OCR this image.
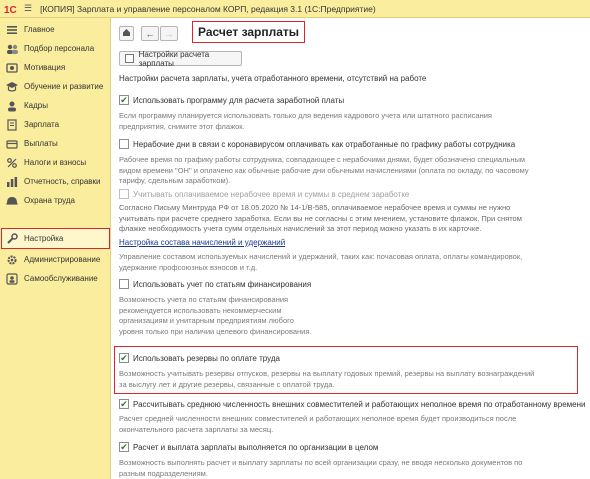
1С ☰ [КОПИЯ] Зарплата и управление персоналом КОРП, редакция 3.1 (1С:Предприятие)
Главное
Подбор персонала
Мотивация
Обучение и развитие
Кадры
Зарплата
Выплаты
Налоги и взносы
Отчетность, справки
Охрана труда
Настройка
Администрирование
Самообслуживание
← →	Расчет зарплаты
Настройки расчета зарплаты
Настройки расчета зарплаты, учета отработанного времени, отсутствий на работе
✔ Использовать программу для расчета заработной платы
Если программу планируется использовать только для ведения кадрового учета или штатного расписания
предприятия, снимите этот флажок.
Нерабочие дни в связи с коронавирусом оплачивать как отработанные по графику работы сотрудника
Рабочее время по графику работы сотрудника, совпадающее с нерабочими днями, будет обозначено специальным
видом времени "ОН" и оплачено как обычные рабочие дни обычными начислениями (оплата по окладу, по часовому
тарифу, сдельным заработком).
Учитывать оплачиваемое нерабочее время и суммы в среднем заработке
Согласно Письму Минтруда РФ от 18.05.2020 № 14-1/В-585, оплачиваемое нерабочее время и суммы не нужно
учитывать при расчете среднего заработка. Если вы не согласны с этим мнением, установите флажок. При снятом
флажке необходимость учета сумм отдельных начислений за этот период можно указать в их карточке.
Настройка состава начислений и удержаний
Управление составом используемых начислений и удержаний, таких как: почасовая оплата, оплаты командировок,
удержание профсоюзных взносов и т.д.
Использовать учет по статьям финансирования
Возможность учета по статьям финансирования
рекомендуется использовать некоммерческим
организациям и унитарным предприятиям любого
уровня только при наличии целевого финансирования.
✔ Использовать резервы по оплате труда
Возможность учитывать резервы отпусков, резервы на выплату годовых премий, резервы на выплату вознаграждений
за выслугу лет и другие резервы, связанные с оплатой труда.
✔ Рассчитывать среднюю численность внешних совместителей и работающих неполное время по отработанному времени
Расчет средней численности внешних совместителей и работающих неполное время будет производиться после
окончательного расчета зарплаты за месяц.
✔ Расчет и выплата зарплаты выполняется по организации в целом
Возможность выполнять расчет и выплату зарплаты по всей организации сразу, не вводя несколько документов по
разным подразделениям.
